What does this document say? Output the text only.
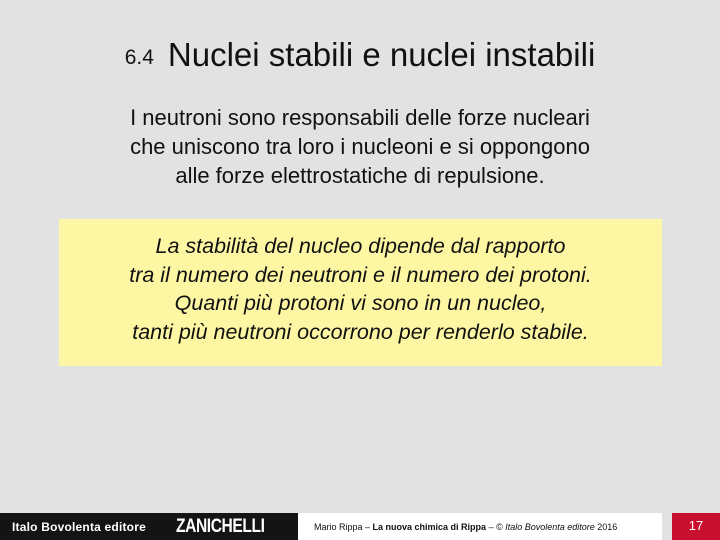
6.4 Nuclei stabili e nuclei instabili
I neutroni sono responsabili delle forze nucleari
che uniscono tra loro i nucleoni e si oppongono
alle forze elettrostatiche di repulsione.
La stabilità del nucleo dipende dal rapporto
tra il numero dei neutroni e il numero dei protoni.
Quanti più protoni vi sono in un nucleo,
tanti più neutroni occorrono per renderlo stabile.
Italo Bovolenta editore ZANICHELLI	Mario Rippa – La nuova chimica di Rippa – © Italo Bovolenta editore 2016	17
